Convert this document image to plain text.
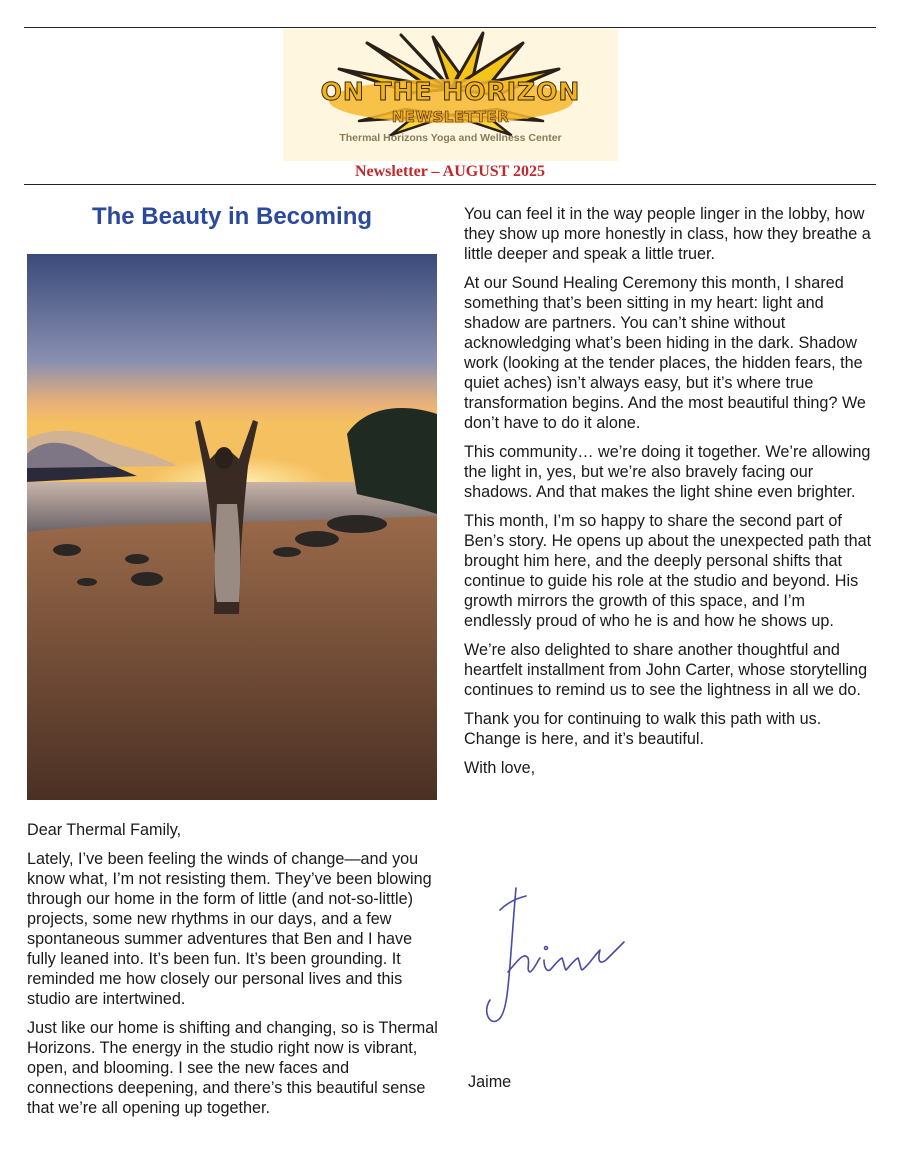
ON THE HORIZON
NEWSLETTER
Thermal Horizons Yoga and Wellness Center
Newsletter – AUGUST 2025
The Beauty in Becoming

Dear Thermal Family,

Lately, I’ve been feeling the winds of change—and you know what, I’m not resisting them. They’ve been blowing through our home in the form of little (and not-so-little) projects, some new rhythms in our days, and a few spontaneous summer adventures that Ben and I have fully leaned into. It’s been fun. It’s been grounding. It reminded me how closely our personal lives and this studio are intertwined.

Just like our home is shifting and changing, so is Thermal Horizons. The energy in the studio right now is vibrant, open, and blooming. I see the new faces and connections deepening, and there’s this beautiful sense that we’re all opening up together.

You can feel it in the way people linger in the lobby, how they show up more honestly in class, how they breathe a little deeper and speak a little truer.

At our Sound Healing Ceremony this month, I shared something that’s been sitting in my heart: light and shadow are partners. You can’t shine without acknowledging what’s been hiding in the dark. Shadow work (looking at the tender places, the hidden fears, the quiet aches) isn’t always easy, but it’s where true transformation begins. And the most beautiful thing? We don’t have to do it alone.

This community… we’re doing it together. We’re allowing the light in, yes, but we’re also bravely facing our shadows. And that makes the light shine even brighter.

This month, I’m so happy to share the second part of Ben’s story. He opens up about the unexpected path that brought him here, and the deeply personal shifts that continue to guide his role at the studio and beyond. His growth mirrors the growth of this space, and I’m endlessly proud of who he is and how he shows up.

We’re also delighted to share another thoughtful and heartfelt installment from John Carter, whose storytelling continues to remind us to see the lightness in all we do.

Thank you for continuing to walk this path with us. Change is here, and it’s beautiful.

With love,

Jaime
